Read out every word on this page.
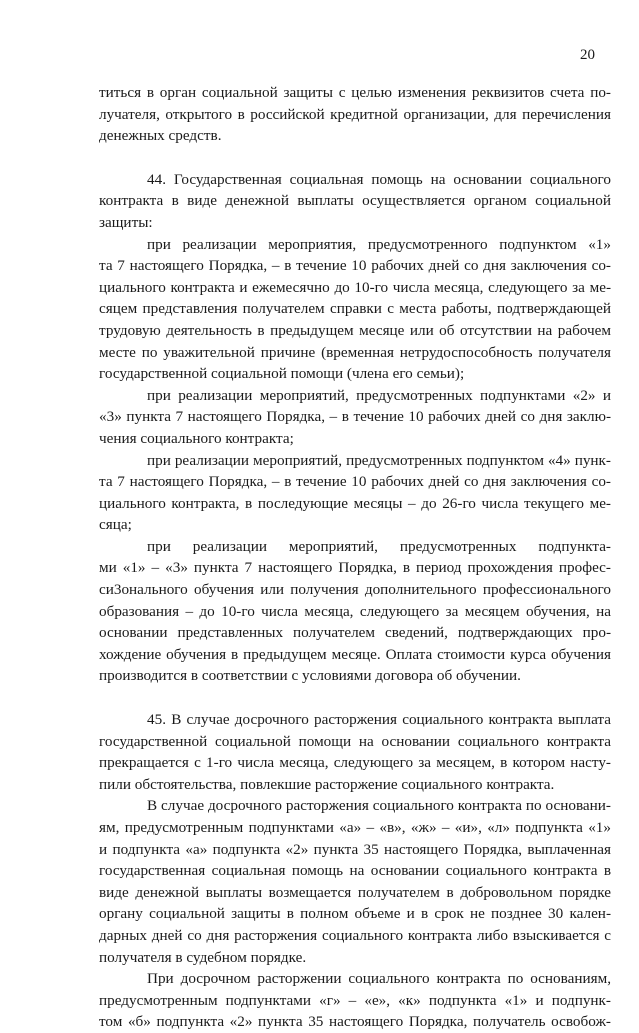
20
титься в орган социальной защиты с целью изменения реквизитов счета по-
лучателя, открытого в российской кредитной организации, для перечисления
денежных средств.
44. Государственная социальная помощь на основании социального
контракта в виде денежной выплаты осуществляется органом социальной
защиты:
при реализации мероприятия, предусмотренного подпунктом «1»
та 7 настоящего Порядка, – в течение 10 рабочих дней со дня заключения со-
циального контракта и ежемесячно до 10-го числа месяца, следующего за ме-
сяцем представления получателем справки с места работы, подтверждающей
трудовую деятельность в предыдущем месяце или об отсутствии на рабочем
месте по уважительной причине (временная нетрудоспособность получателя
государственной социальной помощи (члена его семьи);
при реализации мероприятий, предусмотренных подпунктами «2» и
«3» пункта 7 настоящего Порядка, – в течение 10 рабочих дней со дня заклю-
чения социального контракта;
при реализации мероприятий, предусмотренных подпунктом «4» пунк-
та 7 настоящего Порядка, – в течение 10 рабочих дней со дня заключения со-
циального контракта, в последующие месяцы – до 26-го числа текущего ме-
сяца;
при реализации мероприятий, предусмотренных подпункта-
ми «1» – «3» пункта 7 настоящего Порядка, в период прохождения профес-
си3онального обучения или получения дополнительного профессионального
образования – до 10-го числа месяца, следующего за месяцем обучения, на
основании представленных получателем сведений, подтверждающих про-
хождение обучения в предыдущем месяце. Оплата стоимости курса обучения
производится в соответствии с условиями договора об обучении.
45. В случае досрочного расторжения социального контракта выплата
государственной социальной помощи на основании социального контракта
прекращается с 1-го числа месяца, следующего за месяцем, в котором насту-
пили обстоятельства, повлекшие расторжение социального контракта.
В случае досрочного расторжения социального контракта по основани-
ям, предусмотренным подпунктами «а» – «в», «ж» – «и», «л» подпункта «1»
и подпункта «а» подпункта «2» пункта 35 настоящего Порядка, выплаченная
государственная социальная помощь на основании социального контракта в
виде денежной выплаты возмещается получателем в добровольном порядке
органу социальной защиты в полном объеме и в срок не позднее 30 кален-
дарных дней со дня расторжения социального контракта либо взыскивается с
получателя в судебном порядке.
При досрочном расторжении социального контракта по основаниям,
предусмотренным подпунктами «г» – «е», «к» подпункта «1» и подпунк-
том «б» подпункта «2» пункта 35 настоящего Порядка, получатель освобож-
